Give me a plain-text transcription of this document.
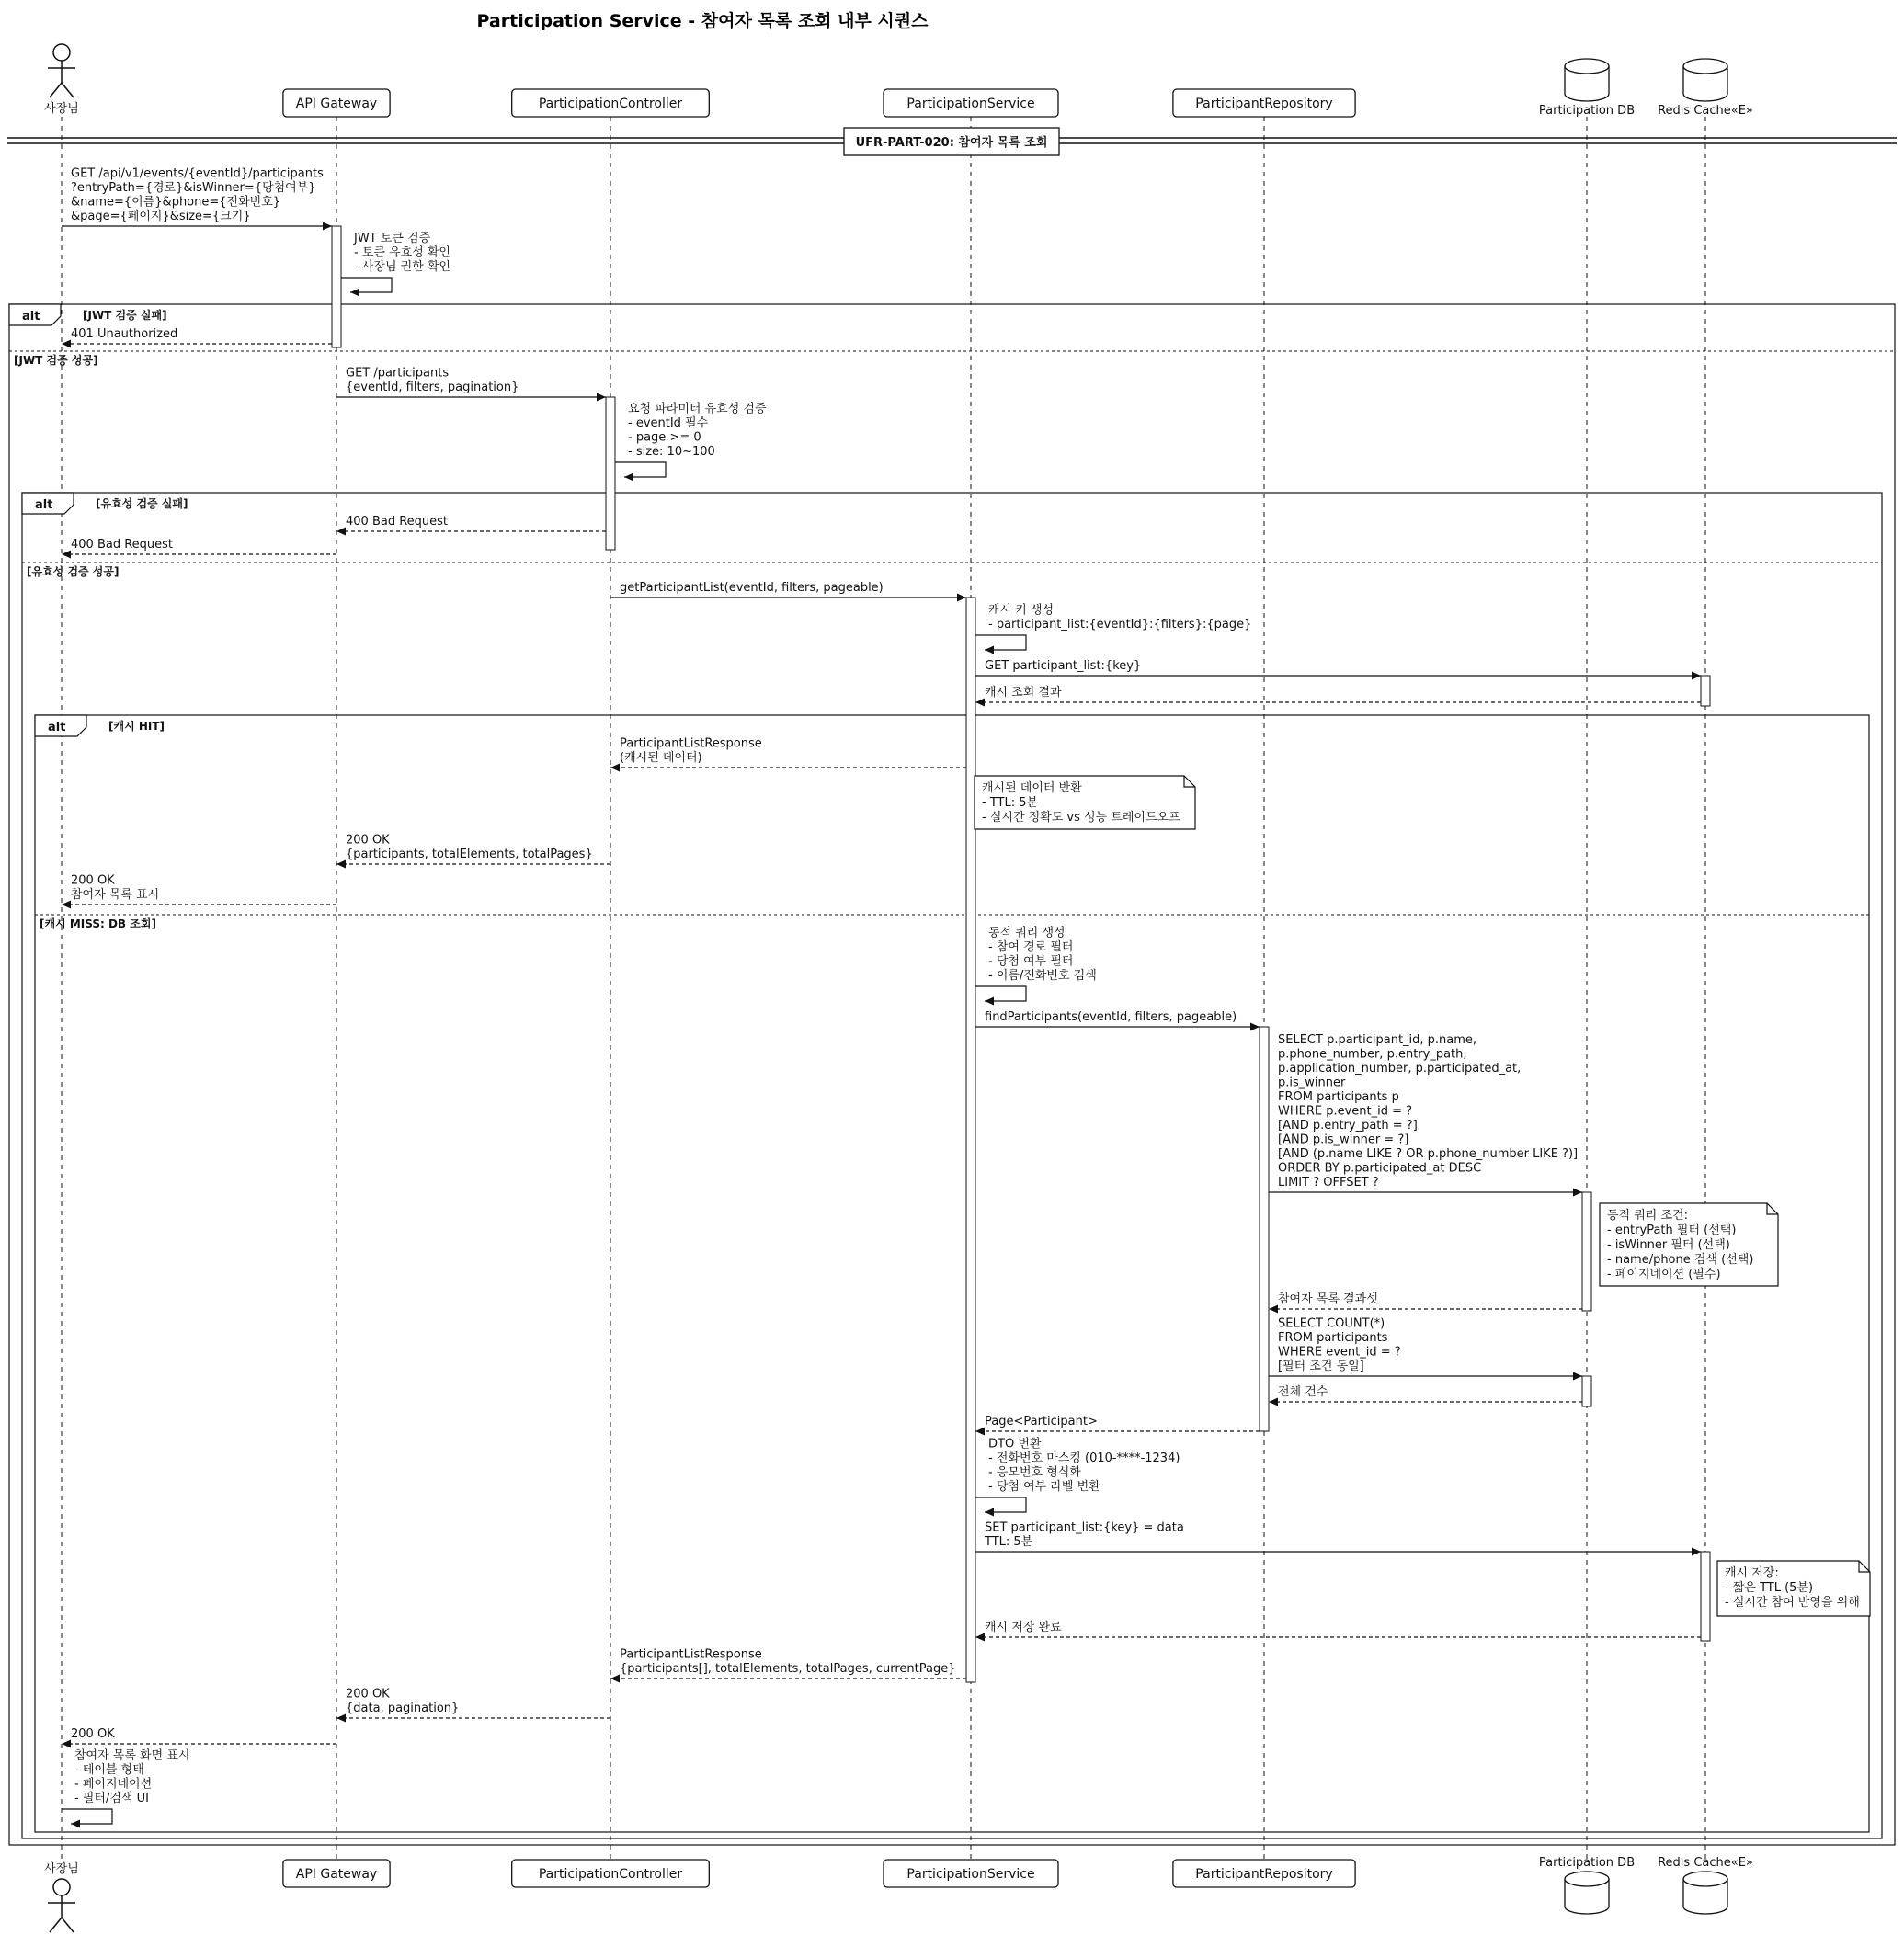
Participation Service - 참여자 목록 조회 내부 시퀀스
alt	[JWT 검증 실패]
[JWT 검증 성공]
alt	[유효성 검증 실패]
[유효성 검증 성공]
alt	[캐시 HIT]
[캐시 MISS: DB 조회]
UFR-PART-020: 참여자 목록 조회
GET /api/v1/events/{eventId}/participants
?entryPath={경로}&isWinner={당첨여부}
&name={이름}&phone={전화번호}
&page={페이지}&size={크기}
JWT 토큰 검증
- 토큰 유효성 확인
- 사장님 권한 확인
401 Unauthorized
GET /participants
{eventId, filters, pagination}
요청 파라미터 유효성 검증
- eventId 필수
- page >= 0
- size: 10~100
400 Bad Request
400 Bad Request
getParticipantList(eventId, filters, pageable)
캐시 키 생성
- participant_list:{eventId}:{filters}:{page}
GET participant_list:{key}
캐시 조회 결과
ParticipantListResponse
(캐시된 데이터)
200 OK
{participants, totalElements, totalPages}
200 OK
참여자 목록 표시
동적 쿼리 생성
- 참여 경로 필터
- 당첨 여부 필터
- 이름/전화번호 검색
findParticipants(eventId, filters, pageable)
SELECT p.participant_id, p.name,
p.phone_number, p.entry_path,
p.application_number, p.participated_at,
p.is_winner
FROM participants p
WHERE p.event_id = ?
[AND p.entry_path = ?]
[AND p.is_winner = ?]
[AND (p.name LIKE ? OR p.phone_number LIKE ?)]
ORDER BY p.participated_at DESC
LIMIT ? OFFSET ?
참여자 목록 결과셋
SELECT COUNT(*)
FROM participants
WHERE event_id = ?
[필터 조건 동일]
전체 건수
Page<Participant>
DTO 변환
- 전화번호 마스킹 (010-****-1234)
- 응모번호 형식화
- 당첨 여부 라벨 변환
SET participant_list:{key} = data
TTL: 5분
캐시 저장 완료
ParticipantListResponse
{participants[], totalElements, totalPages, currentPage}
200 OK
{data, pagination}
200 OK
참여자 목록 화면 표시
- 테이블 형태
- 페이지네이션
- 필터/검색 UI
캐시된 데이터 반환
- TTL: 5분
- 실시간 정확도 vs 성능 트레이드오프
동적 쿼리 조건:
- entryPath 필터 (선택)
- isWinner 필터 (선택)
- name/phone 검색 (선택)
- 페이지네이션 (필수)
캐시 저장:
- 짧은 TTL (5분)
- 실시간 참여 반영을 위해
사장님
사장님
API Gateway
API Gateway
ParticipationController
ParticipationController
ParticipationService
ParticipationService
ParticipantRepository
ParticipantRepository
Participation DB
Participation DB
Redis Cache«E»
Redis Cache«E»
